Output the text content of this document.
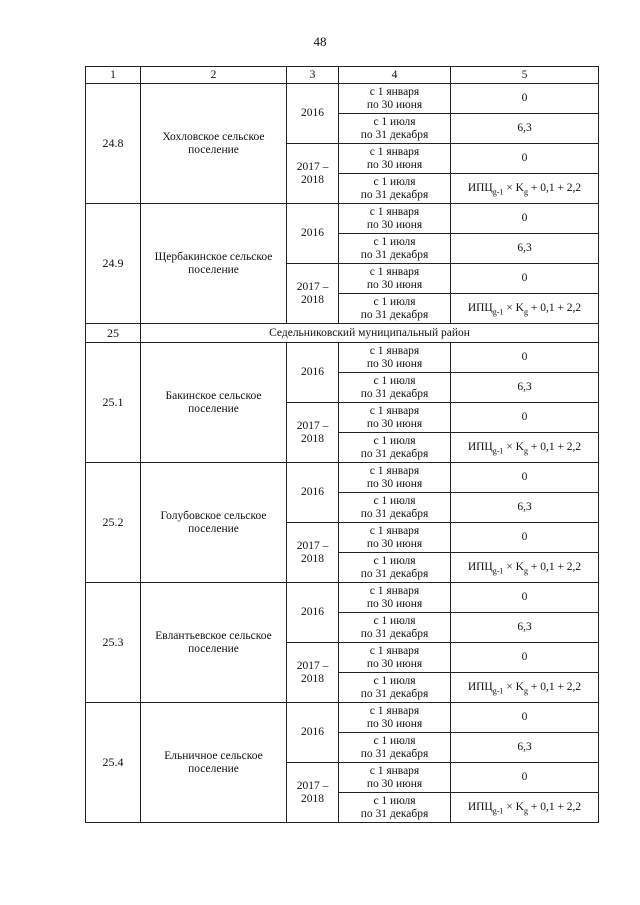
48
1	2	3	4	5
24.8	Хохловское сельское поселение	2016	с 1 января
по 30 июня	0
			с 1 июля
по 31 декабря	6,3
		2017 –
2018	с 1 января
по 30 июня	0
			с 1 июля
по 31 декабря	$ИПЦ_{g-1} \times K_g + 0,1 + 2,2$
24.9	Щербакинское сельское поселение	2016	с 1 января
по 30 июня	0
			с 1 июля
по 31 декабря	6,3
		2017 –
2018	с 1 января
по 30 июня	0
			с 1 июля
по 31 декабря	$ИПЦ_{g-1} \times K_g + 0,1 + 2,2$
25	Седельниковский муниципальный район			
25.1	Бакинское сельское поселение	2016	с 1 января
по 30 июня	0
			с 1 июля
по 31 декабря	6,3
		2017 –
2018	с 1 января
по 30 июня	0
			с 1 июля
по 31 декабря	$ИПЦ_{g-1} \times K_g + 0,1 + 2,2$
25.2	Голубовское сельское поселение	2016	с 1 января
по 30 июня	0
			с 1 июля
по 31 декабря	6,3
		2017 –
2018	с 1 января
по 30 июня	0
			с 1 июля
по 31 декабря	$ИПЦ_{g-1} \times K_g + 0,1 + 2,2$
25.3	Евлантьевское сельское поселение	2016	с 1 января
по 30 июня	0
			с 1 июля
по 31 декабря	6,3
		2017 –
2018	с 1 января
по 30 июня	0
			с 1 июля
по 31 декабря	$ИПЦ_{g-1} \times K_g + 0,1 + 2,2$
25.4	Ельничное сельское поселение	2016	с 1 января
по 30 июня	0
			с 1 июля
по 31 декабря	6,3
		2017 –
2018	с 1 января
по 30 июня	0
			с 1 июля
по 31 декабря	$ИПЦ_{g-1} \times K_g + 0,1 + 2,2$
